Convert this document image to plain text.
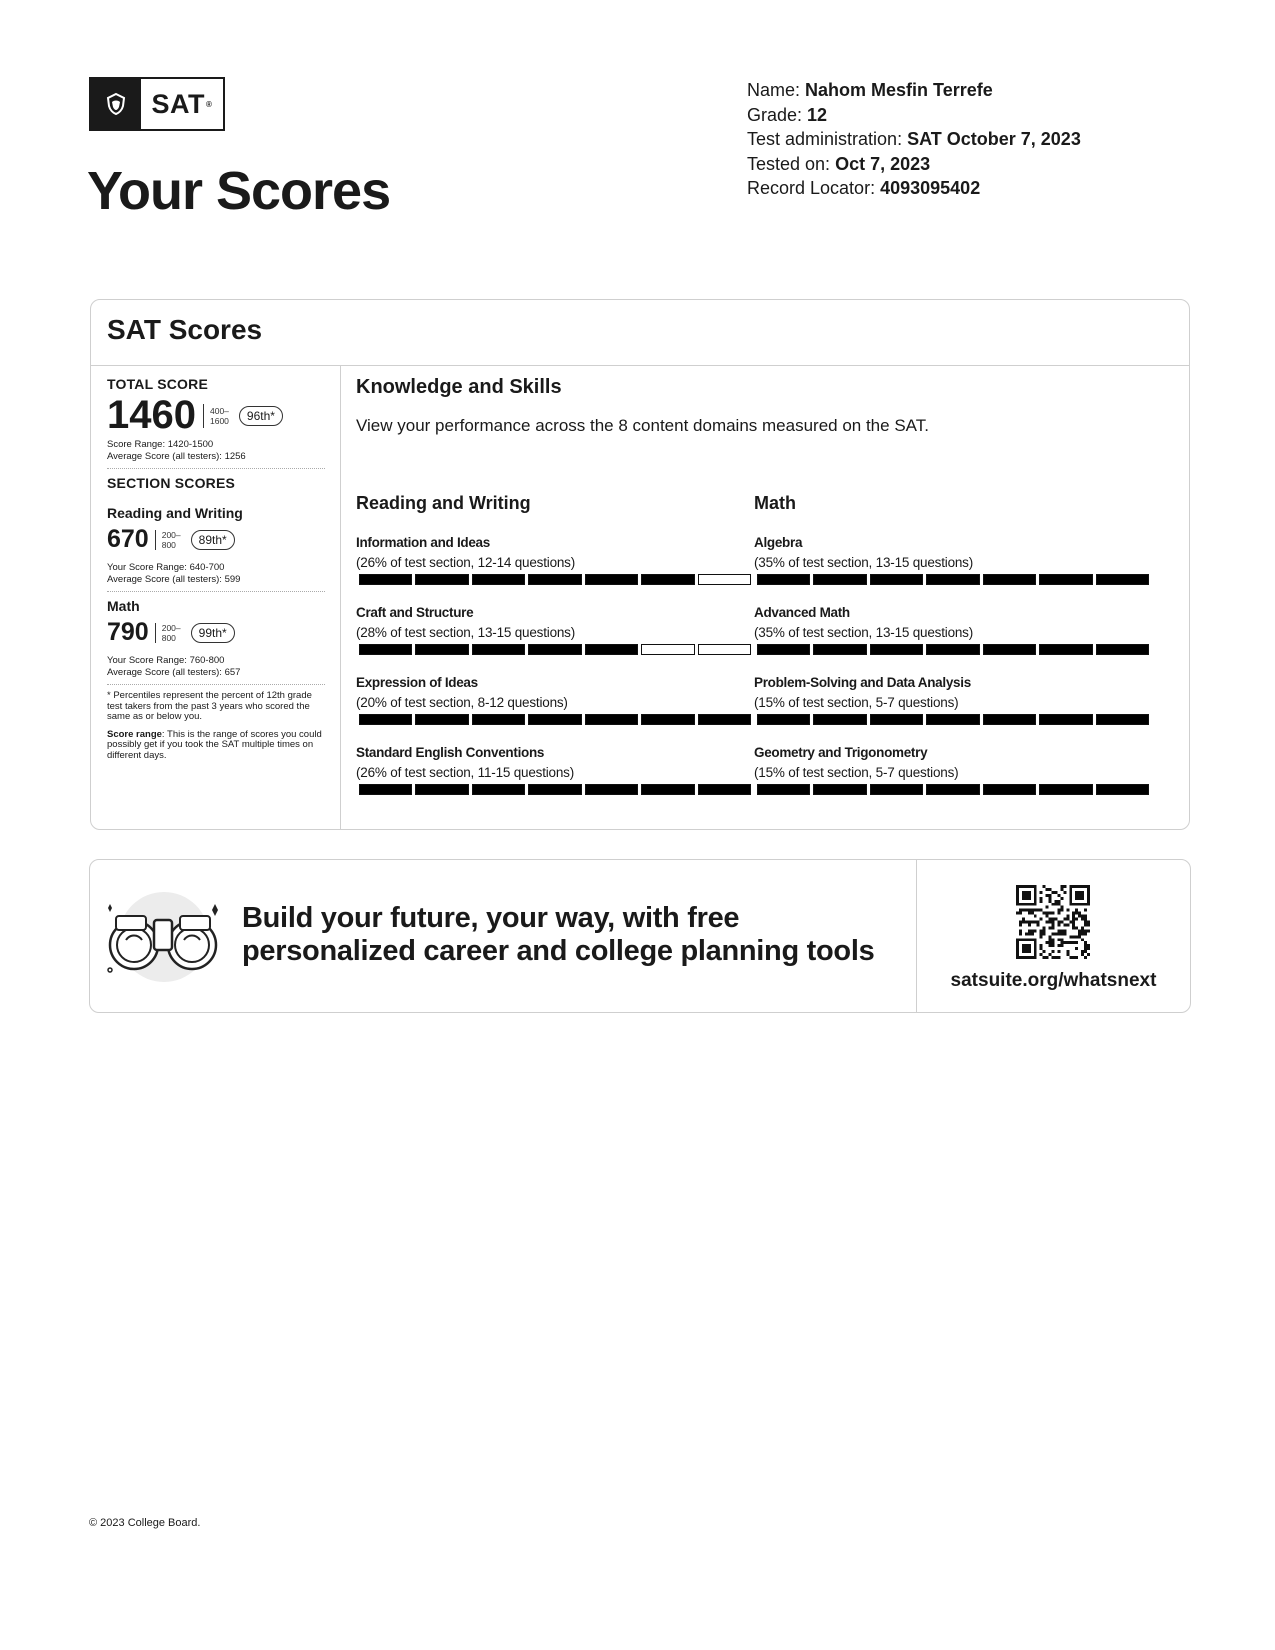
SAT ®
Your Scores
Name: Nahom Mesfin Terrefe
Grade: 12
Test administration: SAT October 7, 2023
Tested on: Oct 7, 2023
Record Locator: 4093095402
SAT Scores
TOTAL SCORE
1460 400–
1600	96th*
Score Range: 1420-1500
Average Score (all testers): 1256
SECTION SCORES
Reading and Writing
670 200–
800	89th*
Your Score Range: 640-700
Average Score (all testers): 599
Math
790 200–
800	99th*
Your Score Range: 760-800
Average Score (all testers): 657
* Percentiles represent the percent of 12th grade test takers from the past 3 years who scored the same as or below you.
Score range: This is the range of scores you could possibly get if you took the SAT multiple times on different days.
Knowledge and Skills
View your performance across the 8 content domains measured on the SAT.
Reading and Writing
Information and Ideas
(26% of test section, 12-14 questions)
Craft and Structure
(28% of test section, 13-15 questions)
Expression of Ideas
(20% of test section, 8-12 questions)
Standard English Conventions
(26% of test section, 11-15 questions)
Math
Algebra
(35% of test section, 13-15 questions)
Advanced Math
(35% of test section, 13-15 questions)
Problem-Solving and Data Analysis
(15% of test section, 5-7 questions)
Geometry and Trigonometry
(15% of test section, 5-7 questions)
Build your future, your way, with free personalized career and college planning tools
satsuite.org/whatsnext
© 2023 College Board.
